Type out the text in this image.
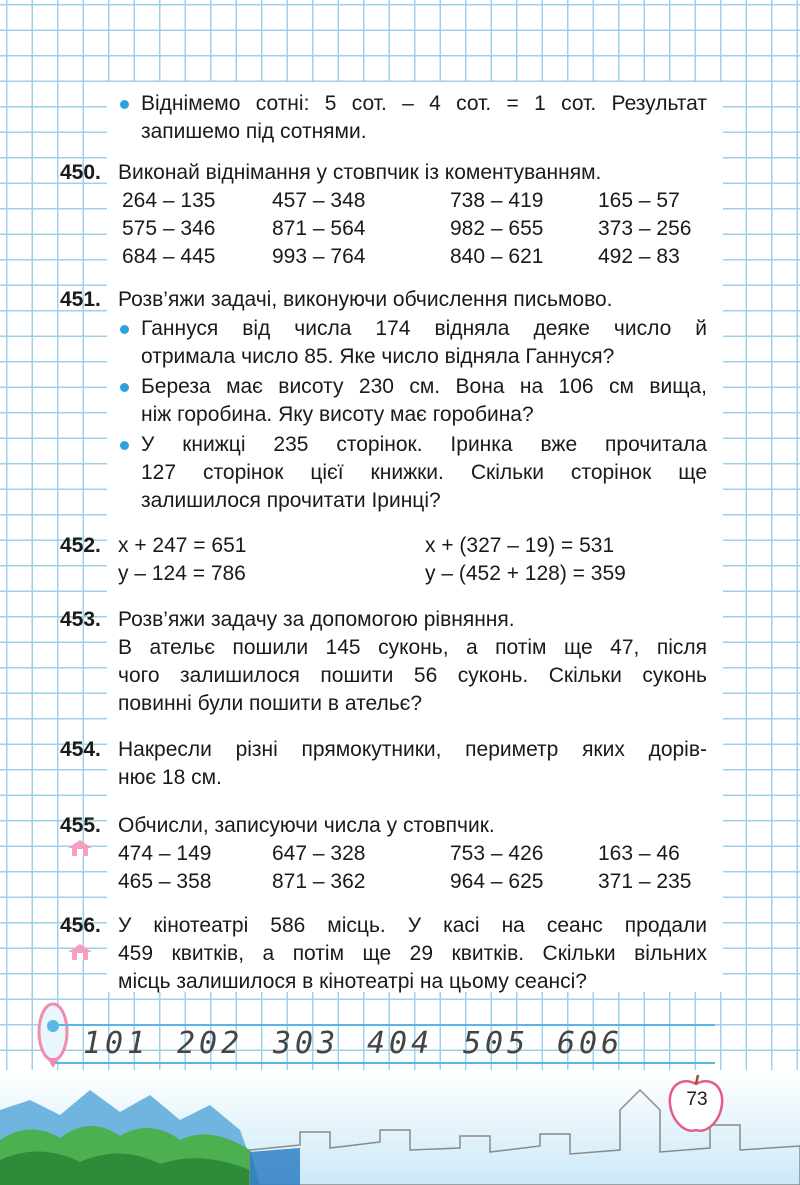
Віднімемо сотні: 5 сот. – 4 сот. = 1 сот. Результат
запишемо під сотнями.
450. Виконай віднімання у стовпчик із коментуванням.
264 – 135	457 – 348	738 – 419	165 – 57
575 – 346	871 – 564	982 – 655	373 – 256
684 – 445	993 – 764	840 – 621	492 – 83
451. Розв’яжи задачі, виконуючи обчислення письмово.
Ганнуся від числа 174 відняла деяке число й
отримала число 85. Яке число відняла Ганнуся?
Береза має висоту 230 см. Вона на 106 см вища,
ніж горобина. Яку висоту має горобина?
У книжці 235 сторінок. Іринка вже прочитала
127 сторінок цієї книжки. Скільки сторінок ще
залишилося прочитати Іринці?
452. x + 247 = 651	x + (327 – 19) = 531
y – 124 = 786	y – (452 + 128) = 359
453. Розв’яжи задачу за допомогою рівняння.
В ательє пошили 145 суконь, а потім ще 47, після
чого залишилося пошити 56 суконь. Скільки суконь
повинні були пошити в ательє?
454. Накресли різні прямокутники, периметр яких дорів-
нює 18 см.
455. Обчисли, записуючи числа у стовпчик.
474 – 149	647 – 328	753 – 426	163 – 46
465 – 358	871 – 362	964 – 625	371 – 235
456. У кінотеатрі 586 місць. У касі на сеанс продали
459 квитків, а потім ще 29 квитків. Скільки вільних
місць залишилося в кінотеатрі на цьому сеансі?
101 202 303 404 505 606
73
